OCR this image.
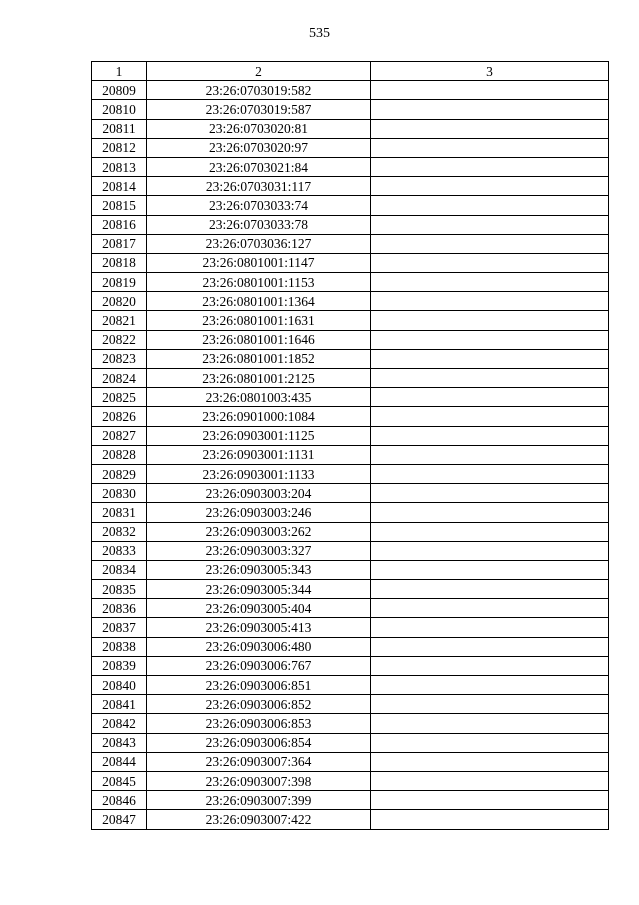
535
1	2	3
20809	23:26:0703019:582	
20810	23:26:0703019:587	
20811	23:26:0703020:81	
20812	23:26:0703020:97	
20813	23:26:0703021:84	
20814	23:26:0703031:117	
20815	23:26:0703033:74	
20816	23:26:0703033:78	
20817	23:26:0703036:127	
20818	23:26:0801001:1147	
20819	23:26:0801001:1153	
20820	23:26:0801001:1364	
20821	23:26:0801001:1631	
20822	23:26:0801001:1646	
20823	23:26:0801001:1852	
20824	23:26:0801001:2125	
20825	23:26:0801003:435	
20826	23:26:0901000:1084	
20827	23:26:0903001:1125	
20828	23:26:0903001:1131	
20829	23:26:0903001:1133	
20830	23:26:0903003:204	
20831	23:26:0903003:246	
20832	23:26:0903003:262	
20833	23:26:0903003:327	
20834	23:26:0903005:343	
20835	23:26:0903005:344	
20836	23:26:0903005:404	
20837	23:26:0903005:413	
20838	23:26:0903006:480	
20839	23:26:0903006:767	
20840	23:26:0903006:851	
20841	23:26:0903006:852	
20842	23:26:0903006:853	
20843	23:26:0903006:854	
20844	23:26:0903007:364	
20845	23:26:0903007:398	
20846	23:26:0903007:399	
20847	23:26:0903007:422	
